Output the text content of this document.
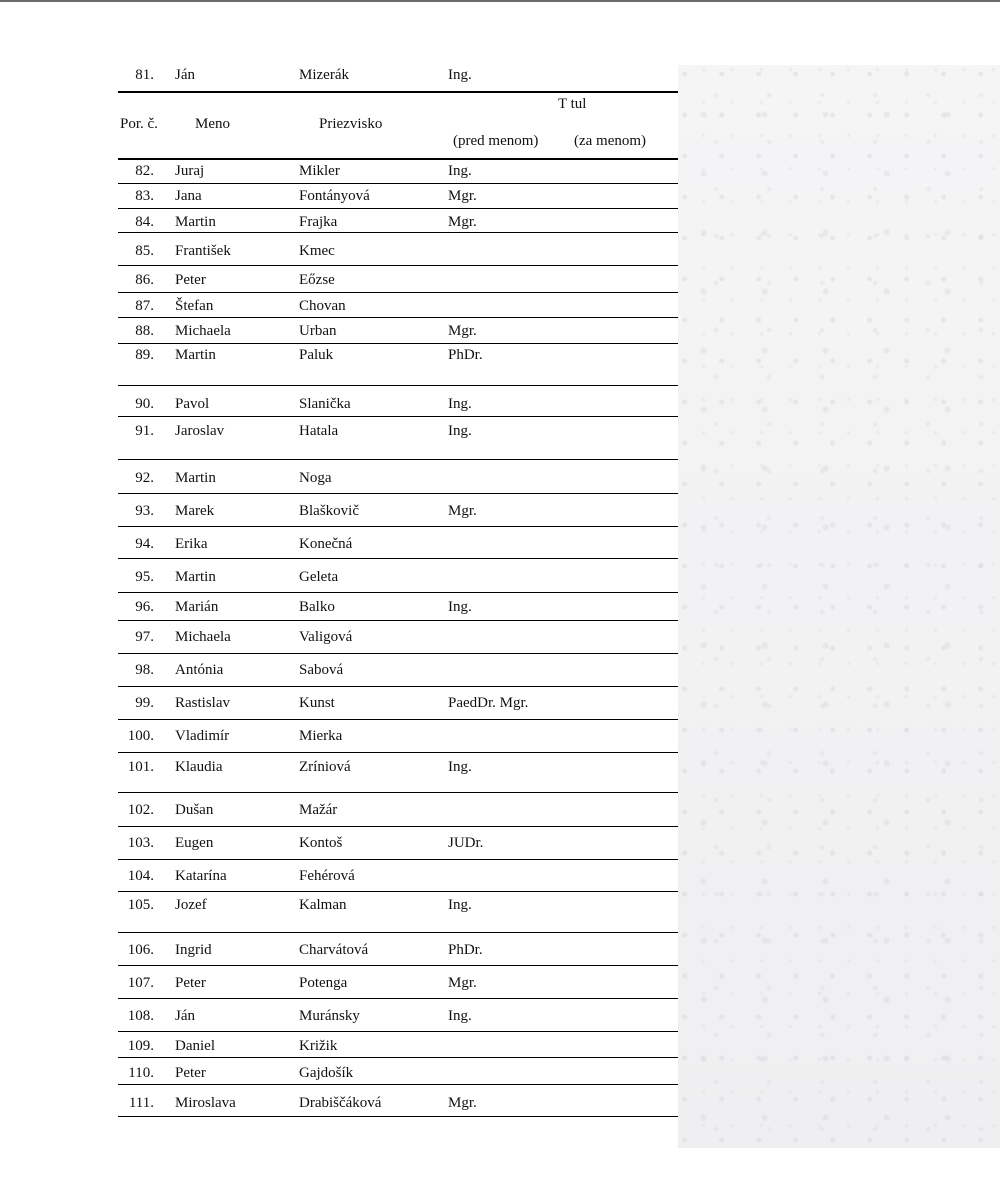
81. Ján	Mizerák	Ing.
Por. č. Meno	Priezvisko
T tul
(pred menom) (za menom)
82. Juraj	Mikler	Ing.
83. Jana	Fontányová	Mgr.
84. Martin	Frajka	Mgr.
85. František	Kmec
86. Peter	Eőzse
87. Štefan	Chovan
88. Michaela	Urban	Mgr.
89. Martin	Paluk	PhDr.
90. Pavol	Slanička	Ing.
91. Jaroslav	Hatala	Ing.
92. Martin	Noga
93. Marek	Blaškovič	Mgr.
94. Erika	Konečná
95. Martin	Geleta
96. Marián	Balko	Ing.
97. Michaela	Valigová
98. Antónia	Sabová
99. Rastislav	Kunst	PaedDr. Mgr.
100. Vladimír	Mierka
101. Klaudia	Zríniová	Ing.
102. Dušan	Mažár
103. Eugen	Kontoš	JUDr.
104. Katarína	Fehérová
105. Jozef	Kalman	Ing.
106. Ingrid	Charvátová	PhDr.
107. Peter	Potenga	Mgr.
108. Ján	Muránsky	Ing.
109. Daniel	Križik
110. Peter	Gajdošík
111. Miroslava	Drabiščáková	Mgr.
